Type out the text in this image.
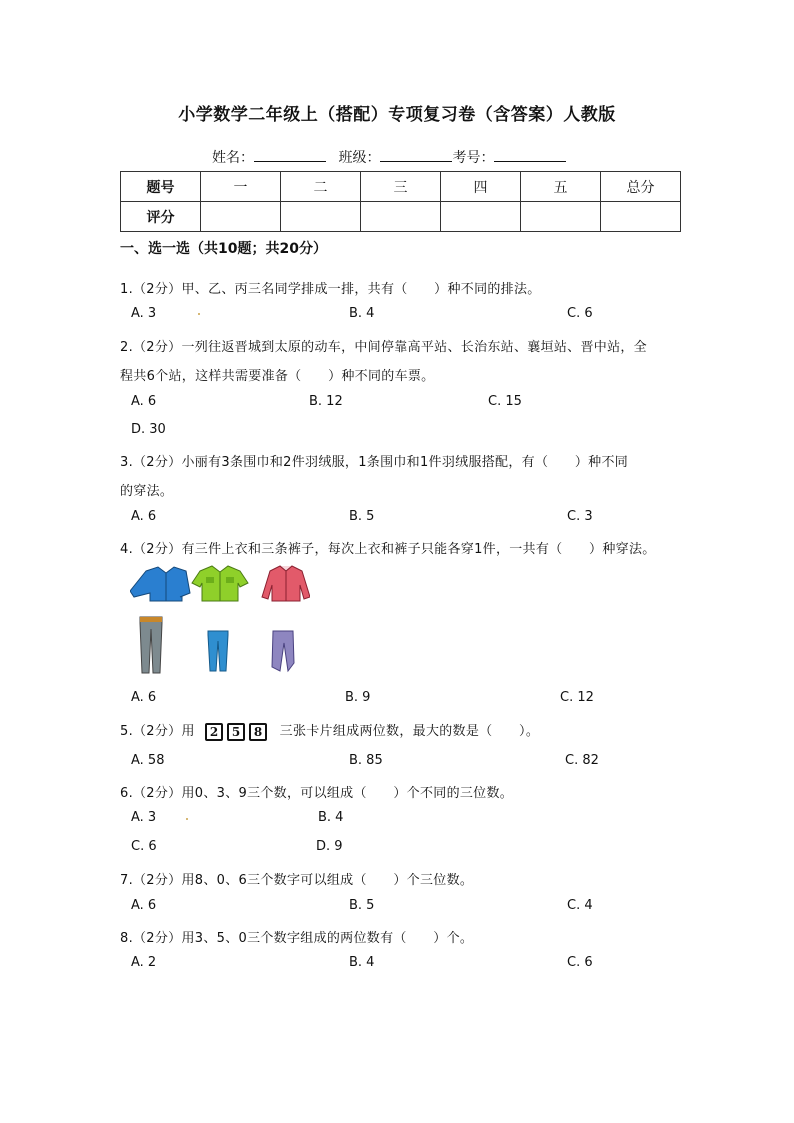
小学数学二年级上（搭配）专项复习卷（含答案）人教版
姓名：	班级：	考号：
题号	一	二	三	四	五	总分
评分						
一、选一选（共10题；共20分）
1.（2分）甲、乙、丙三名同学排成一排，共有（　　）种不同的排法。
A. 3	B. 4	C. 6
2.（2分）一列往返晋城到太原的动车，中间停靠高平站、长治东站、襄垣站、晋中站，全
程共6个站，这样共需要准备（　　）种不同的车票。
A. 6	B. 12	C. 15
D. 30
3.（2分）小丽有3条围巾和2件羽绒服，1条围巾和1件羽绒服搭配，有（　　）种不同
的穿法。
A. 6	B. 5	C. 3
4.（2分）有三件上衣和三条裤子，每次上衣和裤子只能各穿1件，一共有（　　）种穿法。
A. 6	B. 9	C. 12
5.（2分）用 2 5 8 三张卡片组成两位数，最大的数是（　　）。
A. 58	B. 85	C. 82
6.（2分）用0、3、9三个数，可以组成（　　）个不同的三位数。
A. 3	B. 4
C. 6	D. 9
7.（2分）用8、0、6三个数字可以组成（　　）个三位数。
A. 6	B. 5	C. 4
8.（2分）用3、5、0三个数字组成的两位数有（　　）个。
A. 2	B. 4	C. 6
